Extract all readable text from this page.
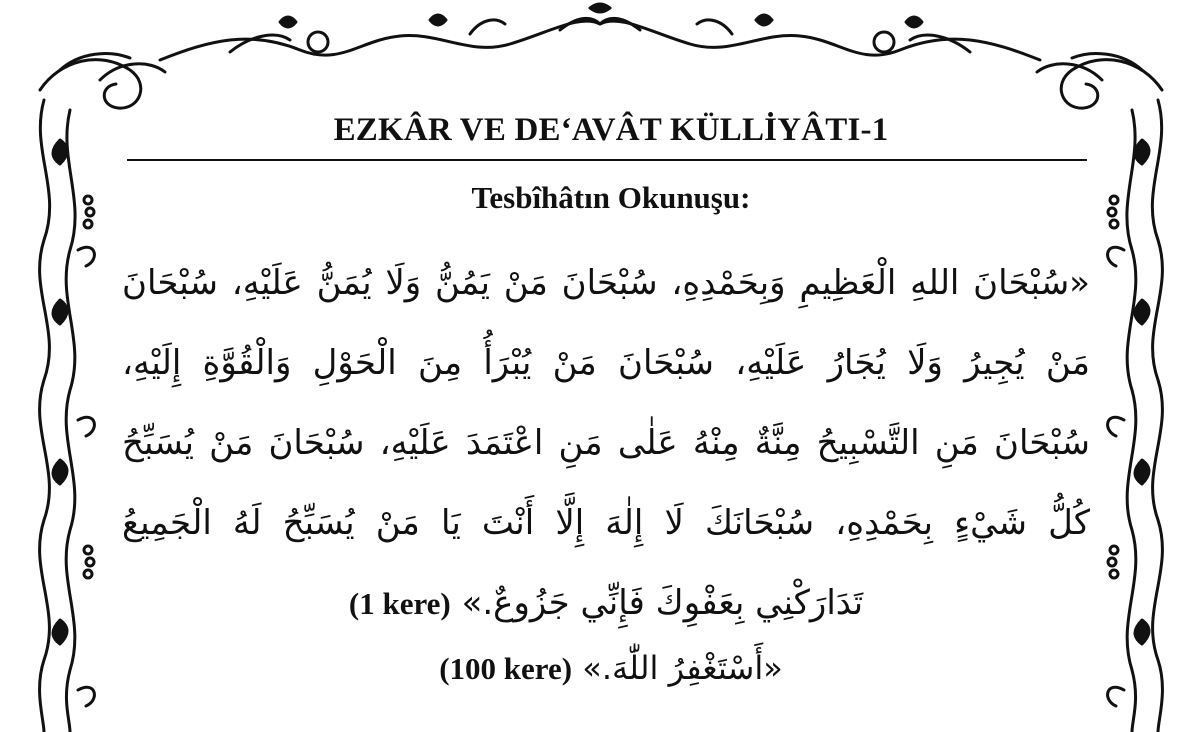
EZKÂR VE DE‘AVÂT KÜLLİYÂTI-1
Tesbîhâtın Okunuşu:
«سُبْحَانَ اللهِ الْعَظِيمِ وَبِحَمْدِهِ، سُبْحَانَ مَنْ يَمُنُّ وَلَا يُمَنُّ عَلَيْهِ، سُبْحَانَ
مَنْ يُجِيرُ وَلَا يُجَارُ عَلَيْهِ، سُبْحَانَ مَنْ يُبْرَأُ مِنَ الْحَوْلِ وَالْقُوَّةِ إِلَيْهِ،
سُبْحَانَ مَنِ التَّسْبِيحُ مِنَّةٌ مِنْهُ عَلٰى مَنِ اعْتَمَدَ عَلَيْهِ، سُبْحَانَ مَنْ يُسَبِّحُ
كُلُّ شَيْءٍ بِحَمْدِهِ، سُبْحَانَكَ لَا إِلٰهَ إِلَّا أَنْتَ يَا مَنْ يُسَبِّحُ لَهُ الْجَمِيعُ
(1 kere) تَدَارَكْنِي بِعَفْوِكَ فَإِنِّي جَزُوعٌ.»
(100 kere) «أَسْتَغْفِرُ اللّٰهَ.»
